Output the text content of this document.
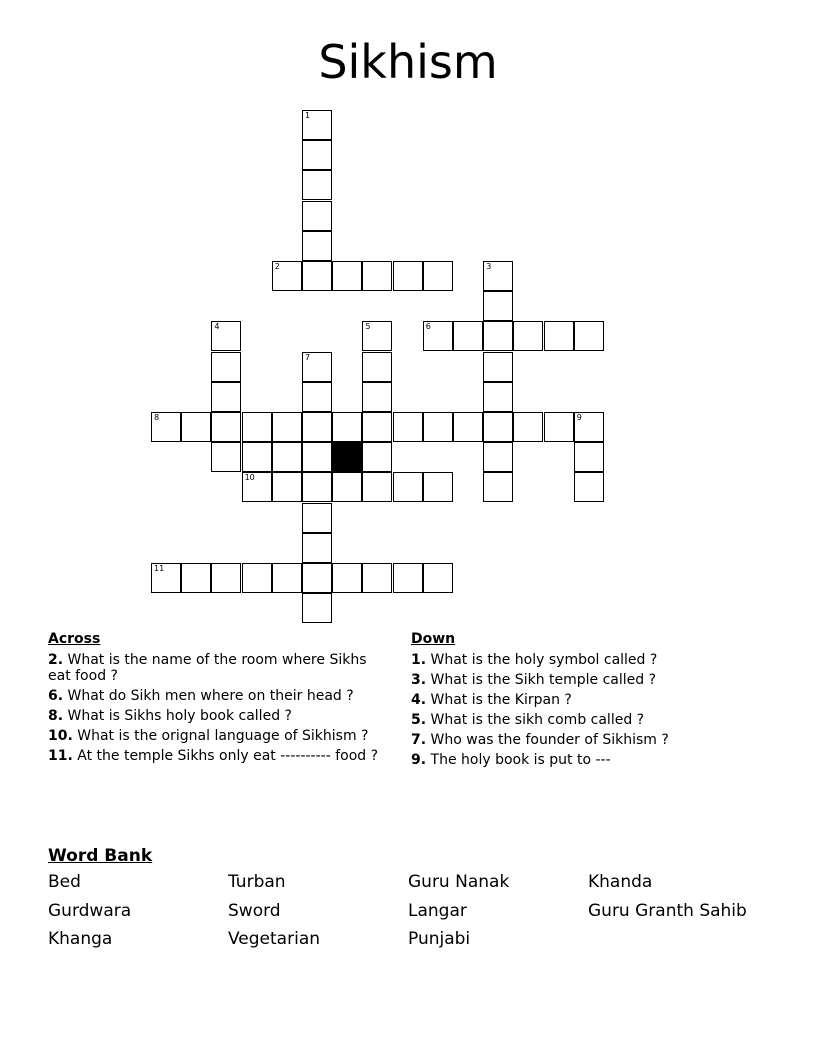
Sikhism
1
2	3
4	5	6
7
8	9
10
11
Across
2. What is the name of the room where Sikhs eat food ?
6. What do Sikh men where on their head ?
8. What is Sikhs holy book called ?
10. What is the orignal language of Sikhism ?
11. At the temple Sikhs only eat ---------- food ?
Down
1. What is the holy symbol called ?
3. What is the Sikh temple called ?
4. What is the Kirpan ?
5. What is the sikh comb called ?
7. Who was the founder of Sikhism ?
9. The holy book is put to ---
Word Bank
Bed	Turban	Guru Nanak	Khanda
Gurdwara	Sword	Langar	Guru Granth Sahib
Khanga	Vegetarian	Punjabi
